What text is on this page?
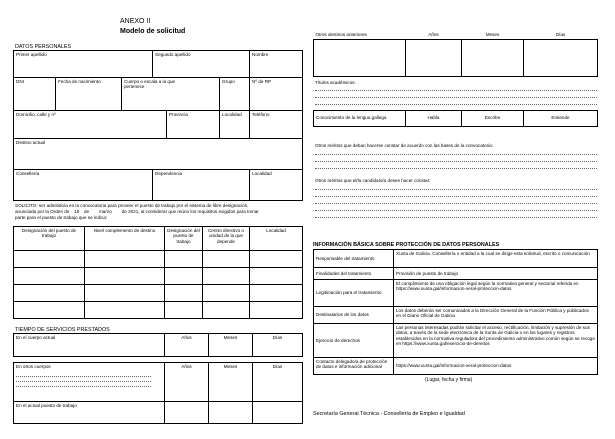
ANEXO II
Modelo de solicitud
DATOS PERSONALES
Primer apellido			Segundo apellido			Nombre
DNI	Fecha de nacimiento	Cuerpo o escala a la que pertenece			Grupo	Nº de RP
Domicilio, calle y nº				Provincia	Localidad	Teléfono
Destino actual						
Consellería			Dependencia			Localidad
SOLICITO: ser admitido/a en la convocatoria para proveer el puesto de trabajo por el sistema de libre designación,
anunciada por la Orden de 18 de marzo de 2021, al considerar que reúno los requisitos exigidos para tomar
parte para el puesto de trabajo que se indica:
Designación del puesto de trabajo	Nivel complemento de destino	Designación del puesto de trabajo	Centro directivo o unidad de la que depende	Localidad

TIEMPO DE SERVICIOS PRESTADOS
En el cuerpo actual	Años	Meses	Días
En otros cuerpos	Años	Meses	Días
En el actual puesto de trabajo			
Otros destinos anteriores	Años	Meses	Días

Títulos académicos:
Conocimiento de la lengua gallega	Habla	Escribe	Entiende
Otros méritos que deban hacerse constar de acuerdo con las bases de la convocatoria:
Otros méritos que el/la candidato/a desee hacer constar:
INFORMACIÓN BÁSICA SOBRE PROTECCIÓN DE DATOS PERSONALES
Responsable del tratamiento	Xunta de Galicia. Consellería o entidad a la cual se dirige esta solicitud, escrito o comunicación
Finalidades del tratamiento	Provisión de puesto de trabajo
Legitimación para el tratamiento	El cumplimiento de una obligación legal según la normativa general y sectorial referida en https://www.xunta.gal/informacion-xeral-proteccion-datos
Destinatarios de los datos	Los datos deberán ser comunicados a la Dirección General de la Función Pública y publicados en el Diario Oficial de Galicia
Ejercicio de derechos	Las personas interesadas podrán solicitar el acceso, rectificación, limitación y supresión de sus datos, a través de la sede electrónica de la Xunta de Galicia o en los lugares y registros establecidos en la normativa reguladora del procedimiento administrativo común según se recoge en https://www.xunta.gal/exercicio-de-dereitos
Contacto delegado/a de protección de datos e información adicional	https://www.xunta.gal/informacion-xeral-proteccion-datos
(Lugar, fecha y firma)
Secretaría General Técnica - Consellería de Empleo e Igualdad
